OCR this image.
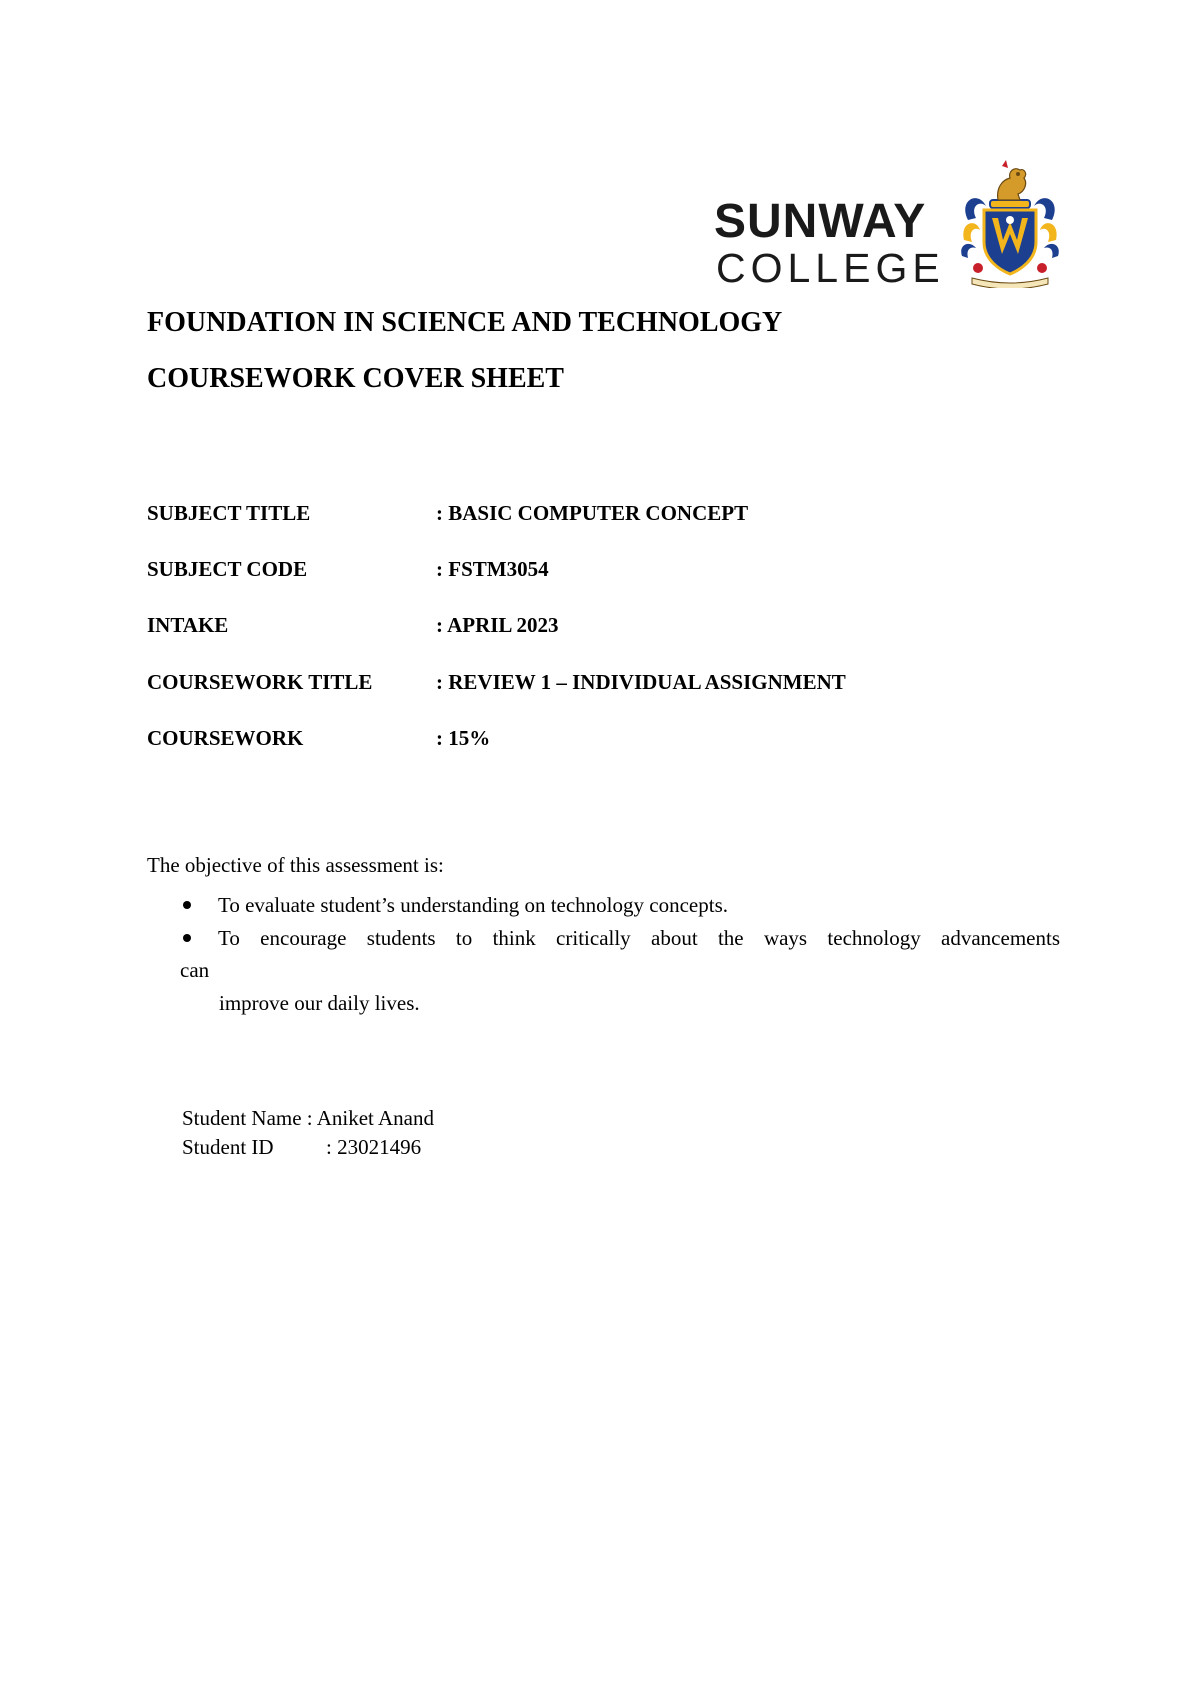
SUNWAY
COLLEGE
FOUNDATION IN SCIENCE AND TECHNOLOGY
COURSEWORK COVER SHEET
SUBJECT TITLE	: BASIC COMPUTER CONCEPT
SUBJECT CODE	: FSTM3054
INTAKE	: APRIL 2023
COURSEWORK TITLE	: REVIEW 1 – INDIVIDUAL ASSIGNMENT
COURSEWORK	: 15%
The objective of this assessment is:
To evaluate student’s understanding on technology concepts.
To encourage students to think critically about the ways technology advancements
can
improve our daily lives.
Student Name : Aniket Anand
Student ID : 23021496
